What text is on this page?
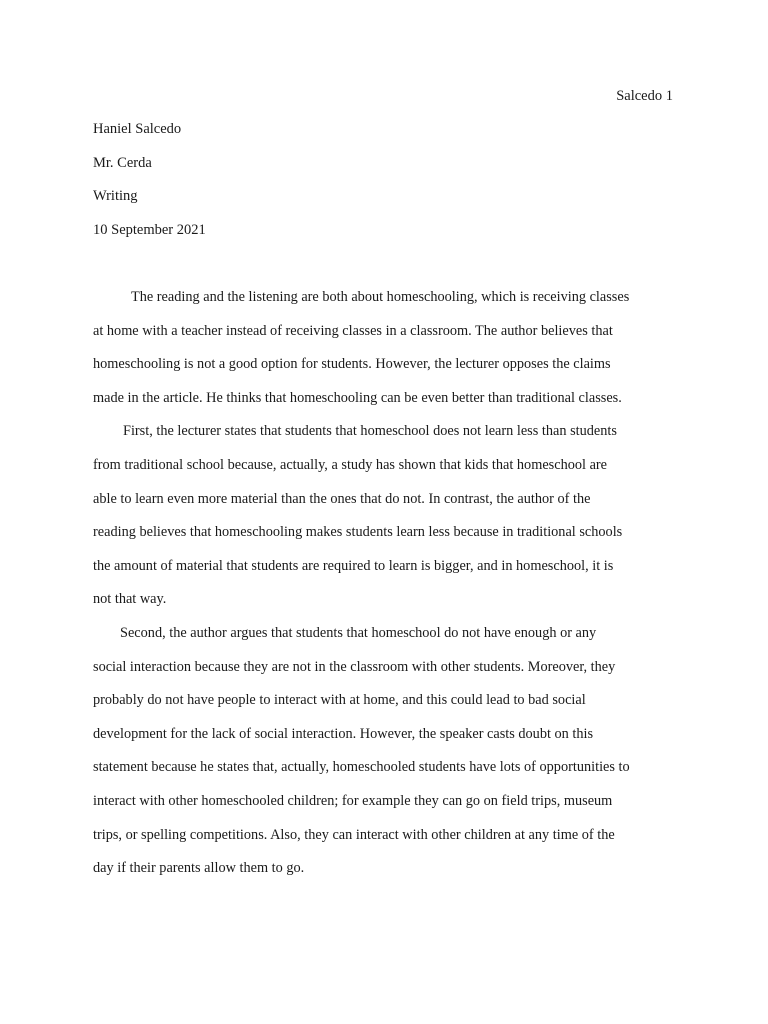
Salcedo 1
Haniel Salcedo
Mr. Cerda
Writing
10 September 2021
The reading and the listening are both about homeschooling, which is receiving classes
at home with a teacher instead of receiving classes in a classroom. The author believes that
homeschooling is not a good option for students. However, the lecturer opposes the claims
made in the article. He thinks that homeschooling can be even better than traditional classes.
First, the lecturer states that students that homeschool does not learn less than students
from traditional school because, actually, a study has shown that kids that homeschool are
able to learn even more material than the ones that do not. In contrast, the author of the
reading believes that homeschooling makes students learn less because in traditional schools
the amount of material that students are required to learn is bigger, and in homeschool, it is
not that way.
Second, the author argues that students that homeschool do not have enough or any
social interaction because they are not in the classroom with other students. Moreover, they
probably do not have people to interact with at home, and this could lead to bad social
development for the lack of social interaction. However, the speaker casts doubt on this
statement because he states that, actually, homeschooled students have lots of opportunities to
interact with other homeschooled children; for example they can go on field trips, museum
trips, or spelling competitions. Also, they can interact with other children at any time of the
day if their parents allow them to go.
